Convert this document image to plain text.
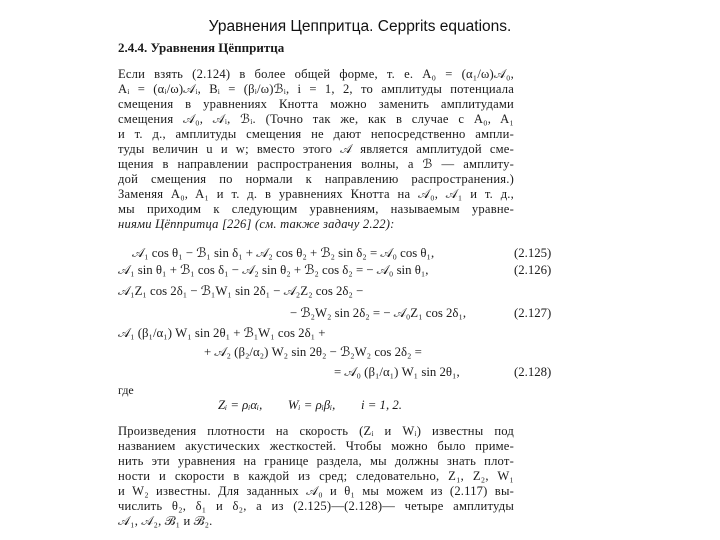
Уравнения Цеппритца. Cepprits equations.
2.4.4. Уравнения Цёппритца
Если взять (2.124) в более общей форме, т. е. A₀ = (α₁/ω)𝒜₀,
Aᵢ = (αᵢ/ω)𝒜ᵢ, Bᵢ = (βᵢ/ω)ℬᵢ, i = 1, 2, то амплитуды потенциала
смещения в уравнениях Кнотта можно заменить амплитудами
смещения 𝒜₀, 𝒜ᵢ, ℬᵢ. (Точно так же, как в случае с A₀, A₁
и т. д., амплитуды смещения не дают непосредственно ампли-
туды величин u и w; вместо этого 𝒜 является амплитудой сме-
щения в направлении распространения волны, а ℬ — амплиту-
дой смещения по нормали к направлению распространения.)
Заменяя A₀, A₁ и т. д. в уравнениях Кнотта на 𝒜₀, 𝒜₁ и т. д.,
мы приходим к следующим уравнениям, называемым уравне-
ниями Цёппритца [226] (см. также задачу 2.22):
𝒜₁ cos θ₁ − ℬ₁ sin δ₁ + 𝒜₂ cos θ₂ + ℬ₂ sin δ₂ = 𝒜₀ cos θ₁,	(2.125)
𝒜₁ sin θ₁ + ℬ₁ cos δ₁ − 𝒜₂ sin θ₂ + ℬ₂ cos δ₂ = − 𝒜₀ sin θ₁,	(2.126)
𝒜₁Z₁ cos 2δ₁ − ℬ₁W₁ sin 2δ₁ − 𝒜₂Z₂ cos 2δ₂ −
− ℬ₂W₂ sin 2δ₂ = − 𝒜₀Z₁ cos 2δ₁,	(2.127)
𝒜₁ (β₁/α₁) W₁ sin 2θ₁ + ℬ₁W₁ cos 2δ₁ +
+ 𝒜₂ (β₂/α₂) W₂ sin 2θ₂ − ℬ₂W₂ cos 2δ₂ =
= 𝒜₀ (β₁/α₁) W₁ sin 2θ₁,	(2.128)
где
Zᵢ = ρᵢαᵢ,        Wᵢ = ρᵢβᵢ,        i = 1, 2.
Произведения плотности на скорость (Zᵢ и Wᵢ) известны под
названием акустических жесткостей. Чтобы можно было приме-
нить эти уравнения на границе раздела, мы должны знать плот-
ности и скорости в каждой из сред; следовательно, Z₁, Z₂, W₁
и W₂ известны. Для заданных 𝒜₀ и θ₁ мы можем из (2.117) вы-
числить θ₂, δ₁ и δ₂, а из (2.125)—(2.128)— четыре амплитуды
𝒜₁, 𝒜₂, ℬ₁ и ℬ₂.
